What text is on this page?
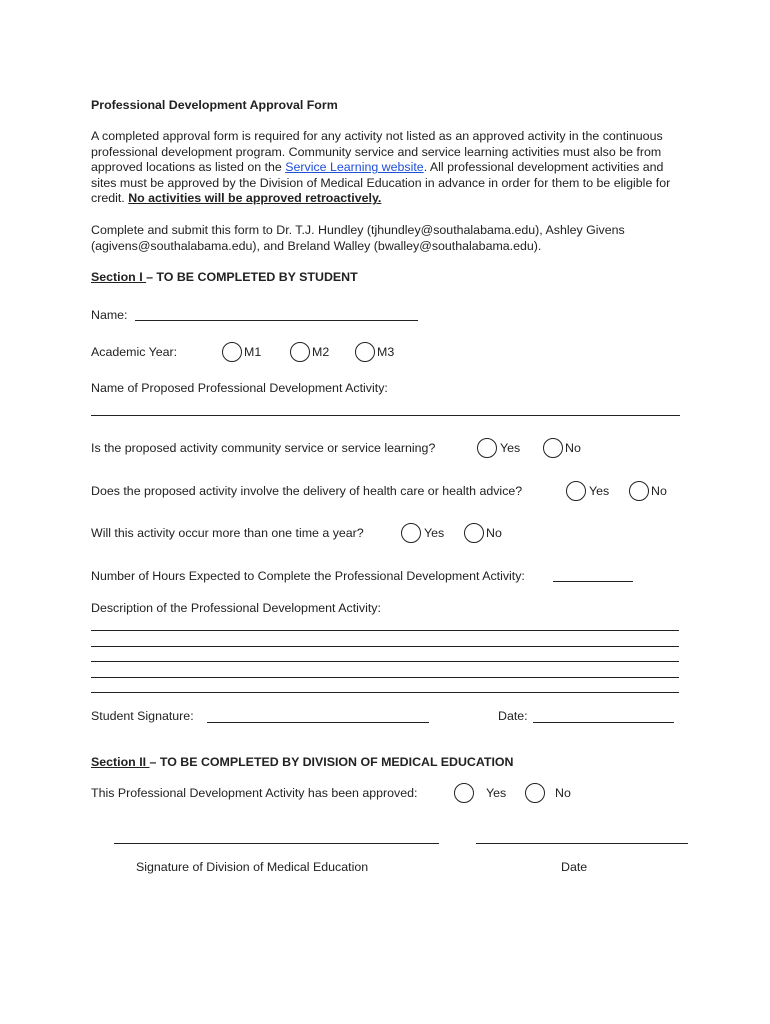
Professional Development Approval Form
A completed approval form is required for any activity not listed as an approved activity in the continuous professional development program. Community service and service learning activities must also be from approved locations as listed on the Service Learning website. All professional development activities and sites must be approved by the Division of Medical Education in advance in order for them to be eligible for credit. No activities will be approved retroactively.
Complete and submit this form to Dr. T.J. Hundley (tjhundley@southalabama.edu), Ashley Givens (agivens@southalabama.edu), and Breland Walley (bwalley@southalabama.edu).
Section I – TO BE COMPLETED BY STUDENT
Name:
Academic Year:	M1	M2	M3
Name of Proposed Professional Development Activity:
Is the proposed activity community service or service learning?	Yes	No
Does the proposed activity involve the delivery of health care or health advice?	Yes	No
Will this activity occur more than one time a year?	Yes	No
Number of Hours Expected to Complete the Professional Development Activity:
Description of the Professional Development Activity:
Student Signature:	Date:
Section II – TO BE COMPLETED BY DIVISION OF MEDICAL EDUCATION
This Professional Development Activity has been approved:	Yes	No
Signature of Division of Medical Education	Date
